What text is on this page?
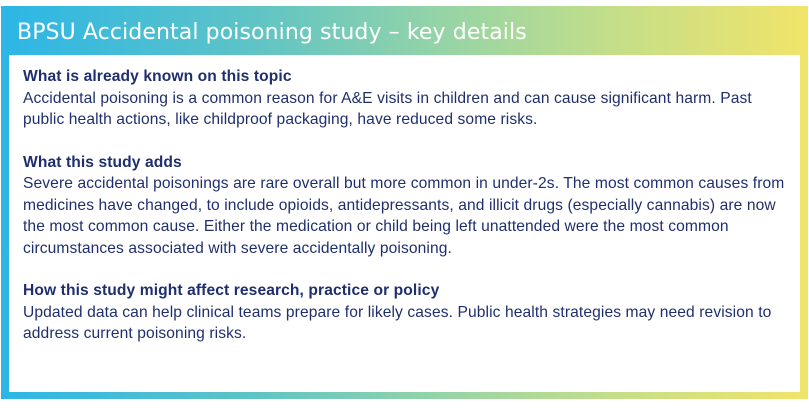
BPSU Accidental poisoning study – key details
What is already known on this topic
Accidental poisoning is a common reason for A&E visits in children and can cause significant harm. Past public health actions, like childproof packaging, have reduced some risks.
What this study adds
Severe accidental poisonings are rare overall but more common in under-2s. The most common causes from medicines have changed, to include opioids, antidepressants, and illicit drugs (especially cannabis) are now the most common cause. Either the medication or child being left unattended were the most common circumstances associated with severe accidentally poisoning.
How this study might affect research, practice or policy
Updated data can help clinical teams prepare for likely cases. Public health strategies may need revision to address current poisoning risks.
